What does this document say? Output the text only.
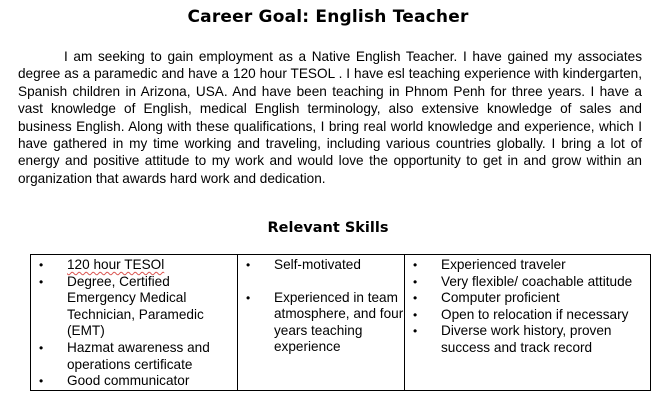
Career Goal: English Teacher

I am seeking to gain employment as a Native English Teacher. I have gained my associates degree as a paramedic and have a 120 hour TESOL . I have esl teaching experience with kindergarten, Spanish children in Arizona, USA. And have been teaching in Phnom Penh for three years. I have a vast knowledge of English, medical English terminology, also extensive knowledge of sales and business English. Along with these qualifications, I bring real world knowledge and experience, which I have gathered in my time working and traveling, including various countries globally. I bring a lot of energy and positive attitude to my work and would love the opportunity to get in and grow within an organization that awards hard work and dedication.

Relevant Skills
• 120 hour TESOl
• Degree, Certified Emergency Medical Technician, Paramedic (EMT)
• Hazmat awareness and operations certificate
• Good communicator

• Self-motivated
• Experienced in team atmosphere, and four years teaching experience

• Experienced traveler
• Very flexible/ coachable attitude
• Computer proficient
• Open to relocation if necessary
• Diverse work history, proven success and track record
